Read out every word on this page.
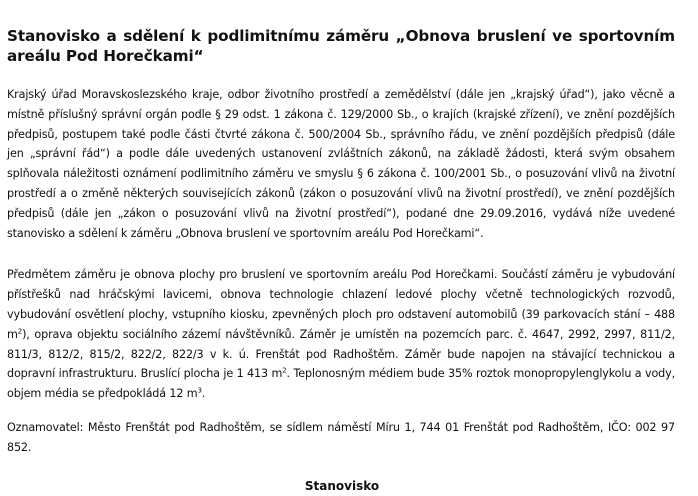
Stanovisko a sdělení k podlimitnímu záměru „Obnova bruslení ve sportovním areálu Pod Horečkami“

Krajský úřad Moravskoslezského kraje, odbor životního prostředí a zemědělství (dále jen „krajský úřad“), jako věcně a místně příslušný správní orgán podle § 29 odst. 1 zákona č. 129/2000 Sb., o krajích (krajské zřízení), ve znění pozdějších předpisů, postupem také podle části čtvrté zákona č. 500/2004 Sb., správního řádu, ve znění pozdějších předpisů (dále jen „správní řád“) a podle dále uvedených ustanovení zvláštních zákonů, na základě žádosti, která svým obsahem splňovala náležitosti oznámení podlimitního záměru ve smyslu § 6 zákona č. 100/2001 Sb., o posuzování vlivů na životní prostředí a o změně některých souvisejících zákonů (zákon o posuzování vlivů na životní prostředí), ve znění pozdějších předpisů (dále jen „zákon o posuzování vlivů na životní prostředí“), podané dne 29.09.2016, vydává níže uvedené stanovisko a sdělení k záměru „Obnova bruslení ve sportovním areálu Pod Horečkami“.

Předmětem záměru je obnova plochy pro bruslení ve sportovním areálu Pod Horečkami. Součástí záměru je vybudování přístřešků nad hráčskými lavicemi, obnova technologie chlazení ledové plochy včetně technologických rozvodů, vybudování osvětlení plochy, vstupního kiosku, zpevněných ploch pro odstavení automobilů (39 parkovacích stání – 488 $m^2$), oprava objektu sociálního zázemí návštěvníků. Záměr je umístěn na pozemcích parc. č. 4647, 2992, 2997, 811/2, 811/3, 812/2, 815/2, 822/2, 822/3 v k. ú. Frenštát pod Radhoštěm. Záměr bude napojen na stávající technickou a dopravní infrastrukturu. Bruslící plocha je 1 413 $m^2$. Teplonosným médiem bude 35% roztok monopropylenglykolu a vody, objem média se předpokládá 12 $m^3$.

Oznamovatel: Město Frenštát pod Radhoštěm, se sídlem náměstí Míru 1, 744 01 Frenštát pod Radhoštěm, IČO: 002 97 852.

Stanovisko
